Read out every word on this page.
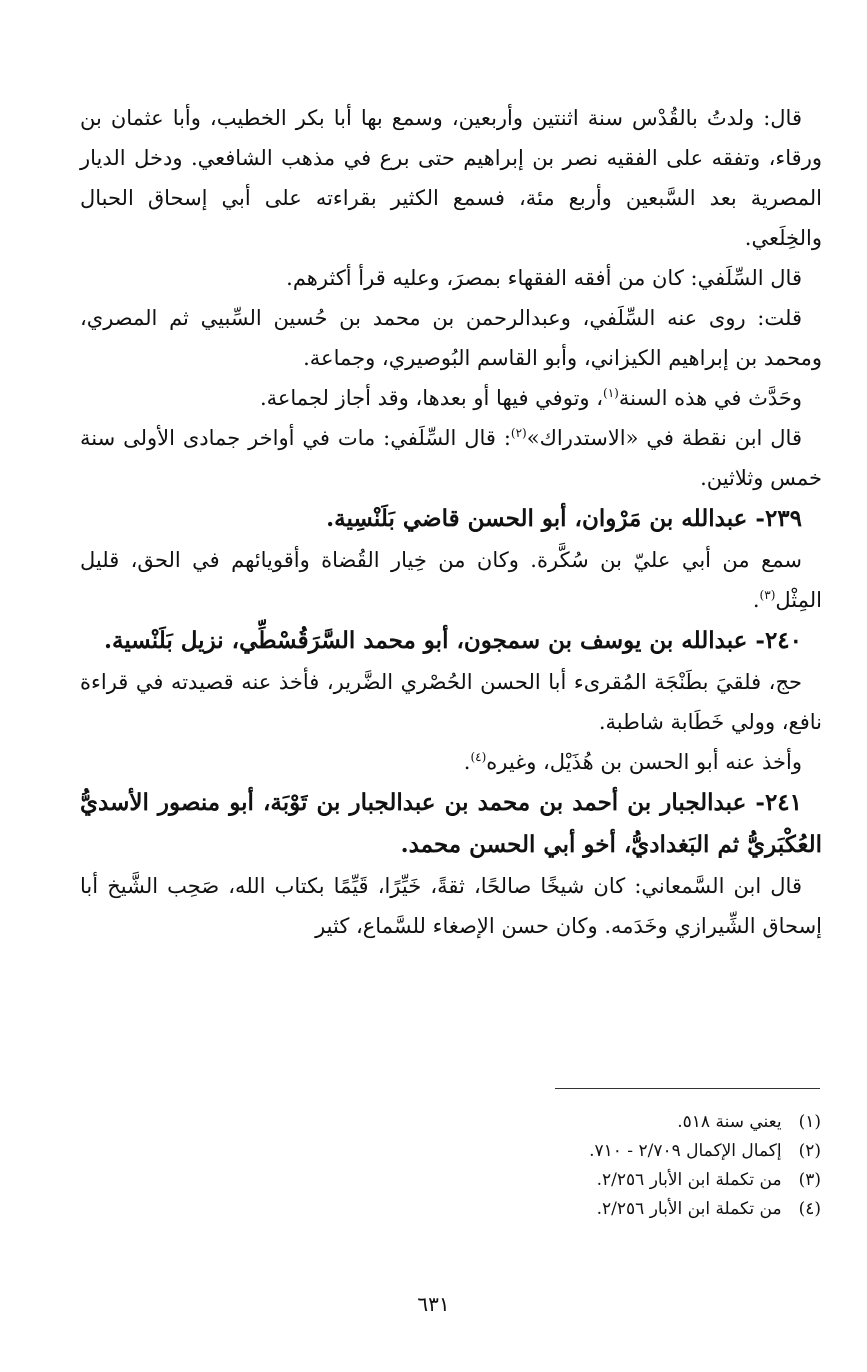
قال: ولدتُ بالقُدْس سنة اثنتين وأربعين، وسمع بها أبا بكر الخطيب، وأبا عثمان بن ورقاء، وتفقه على الفقيه نصر بن إبراهيم حتى برع في مذهب الشافعي. ودخل الديار المصرية بعد السَّبعين وأربع مئة، فسمع الكثير بقراءته على أبي إسحاق الحبال والخِلَعي.

قال السِّلَفي: كان من أفقه الفقهاء بمصرَ، وعليه قرأ أكثرهم.

قلت: روى عنه السِّلَفي، وعبدالرحمن بن محمد بن حُسين السِّبيي ثم المصري، ومحمد بن إبراهيم الكيزاني، وأبو القاسم البُوصيري، وجماعة.

وحَدَّث في هذه السنة$^{(١)}$، وتوفي فيها أو بعدها، وقد أجاز لجماعة.

قال ابن نقطة في «الاستدراك»$^{(٢)}$: قال السِّلَفي: مات في أواخر جمادى الأولى سنة خمس وثلاثين.

٢٣٩- عبدالله بن مَرْوان، أبو الحسن قاضي بَلَنْسِية.

سمع من أبي عليّ بن سُكَّرة. وكان من خِيار القُضاة وأقويائهم في الحق، قليل المِثْل$^{(٣)}$.

٢٤٠- عبدالله بن يوسف بن سمجون، أبو محمد السَّرَقُسْطِّي، نزيل بَلَنْسية.

حج، فلقيَ بطَنْجَة المُقرىء أبا الحسن الحُصْري الضَّرير، فأخذ عنه قصيدته في قراءة نافع، وولي خَطَابة شاطبة.

وأخذ عنه أبو الحسن بن هُذَيْل، وغيره$^{(٤)}$.

٢٤١- عبدالجبار بن أحمد بن محمد بن عبدالجبار بن تَوْبَة، أبو منصور الأسديُّ العُكْبَريُّ ثم البَغداديُّ، أخو أبي الحسن محمد.

قال ابن السَّمعاني: كان شيخًا صالحًا، ثقةً، خَيِّرًا، قَيِّمًا بكتاب الله، صَحِب الشَّيخ أبا إسحاق الشِّيرازي وخَدَمه. وكان حسن الإصغاء للسَّماع، كثير

(١) يعني سنة ٥١٨.
(٢) إكمال الإكمال ٢/٧٠٩ - ٧١٠.
(٣) من تكملة ابن الأبار ٢/٢٥٦.
(٤) من تكملة ابن الأبار ٢/٢٥٦.
٦٣١
